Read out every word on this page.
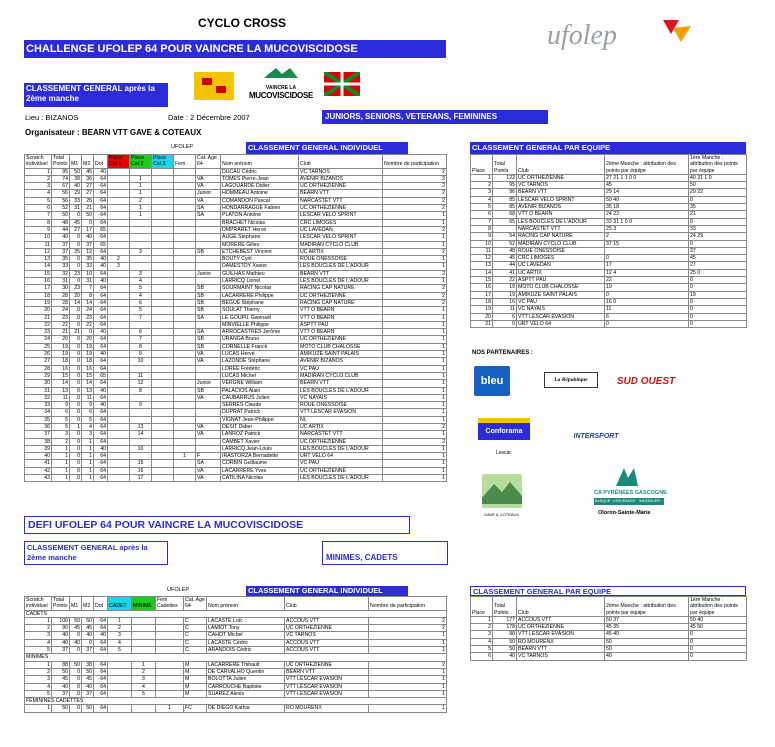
CYCLO CROSS	ufolep
CHALLENGE UFOLEP 64 POUR VAINCRE LA MUCOVISCIDOSE
CLASSEMENT GENERAL après la 2ème manche
VAINCRE LA
MUCOVISCIDOSE
Lieu : BIZANOS	Date : 2 Décembre 2007	JUNIORS, SENIORS, VETERANS, FEMININES
Organisateur : BEARN VTT GAVE & COTEAUX
UFOLEP	CLASSEMENT GENERAL INDIVIDUEL
Scratch individuel	Total Points	M1	M2	Dot	Place Cat 1	Place Cat 2	Place Cat 3	Fem.	Cat. Age 64	Nom prénom	Club	Nombre de participation
1	95	50	45	40						DUCAU Cédric	VC TARNOS	2
2	74	38	36	64		1			VA	TOMES Pierre-Jean	AVENIR BIZANOS	2
3	67	40	27	64		1			VA	LAGOUARDE Didier	UC ORTHEZIENNE	2
4	56	29	27	64		1			Junior	HOMMEAU Antoine	BEARN VTT	2
5	56	33	25	64		2			VA	COMANDON Pascal	NARCASTET VTT	2
6	52	31	21	64		1			SA	HONDARRAGUE Fabien	UC ORTHEZIENNE	2
7	50	0	50	64		1			SA	PLATON Antoine	LESCAR VELO SPRINT	1
8	48	45	0	64						BRACHET Nicolas	CRC LIMOGES	1
9	44	27	17	65						DMPRARET Hervé	UC LAVEDAN	2
10	40	0	40	64						AUGE Stéphane	LESCAR VELO SPRINT	1
11	37	0	37	65						MORERE Gilles	MADIRAN CYCLO CLUB	1
12	37	25	12	64		3			SB	ETCHEBEST Vincent	UC ARTIX	2
13	35	0	35	40	2					BOUTY Cyril	ROUE ONESSOISE	1
14	33	0	33	40	3					DAMESTOY Xavier	LES BOUCLES DE L'ADOUR	1
15	32	23	10	64		3			Junior	GUILHAS Mathieu	BEARN VTT	2
16	31	0	31	40		4				LARRICQ Lionel	LES BOUCLES DE L'ADOUR	1
17	30	23	7	64		5			SB	SOURMAINT Nicolas	RACING CAP NATURE	2
18	28	20	8	64		4			SB	LACARRERE Philippe	UC ORTHEZIENNE	2
19	28	14	14	64		6			SB	BEGUE Stéphane	RACING CAP NATURE	2
20	24	0	24	64		5			SB	SOULAT Thierry	VTT O BEARN	1
21	23	0	23	64		7			SA	LE GOUPIL Gwenaël	VTT O BEARN	1
22	22	0	22	64						MINVIELLE Philippe	ASPTT PAU	1
23	21	21	0	40		6			SA	ARROCASTRES Jérôme	VTT O BEARN	1
24	20	0	20	64		7			SB	URANGA Bruno	UC ORTHEZIENNE	1
25	19	0	19	64		8			SB	CORNELLE Franck	MOTO CLUB CHALOSSE	1
26	19	0	19	40		9			VA	LUCAS Hervé	AMIKUZE SAINT PALAIS	1
27	18	0	18	64		10			VA	LAZONDE Stéphane	AVENIR BIZANOS	1
28	16	0	16	64						LOREE Frédéric	VC PAU	1
29	15	0	15	65		11				LUCAS Michel	MADIRAN CYCLO CLUB	1
30	14	0	14	64		12			Junior	VERGNE William	BEARN VTT	1
31	13	0	13	40		8			SB	PALACIOS Alain	LES BOUCLES DE L'ADOUR	1
32	11	0	11	64					VA	CAUBARRUS Julien	VC NAYAIS	1
33	9	0	9	40		9				SERRES Claude	ROUE ONESSOISE	1
34	6	0	6	64						DUPRAT Patrick	VTT LESCAR EVASION	1
35	5	0	5	64						VIGNAT Jean-Philippe	NL	1
36	5	1	4	64		13			VA	DESIT Didier	UC ARTIX	2
37	3	0	3	64		14			VA	LANROZ Patrick	NARCASTET VTT	1
38	2	0	1	64						CAMBET Xavier	UC ORTHEZIENNE	2
39	1	0	1	40		10				LARRICQ Jean-Louis	LES BOUCLES DE L'ADOUR	1
40	1	0	1	64				1	F	IRASTORZA Bernadette	URT VELO 64	1
41	1	0	1	64		15			SA	CORBIN Guillaume	VC PAU	1
42	1	0	1	64		16			VA	LACARRERE Yves	UC ORTHEZIENNE	1
43	1	0	1	64		17			VA	CATILINA Nicolas	LES BOUCLES DE L'ADOUR	1
CLASSEMENT GENERAL PAR EQUIPE
Place	Total Points	Club	2ème Manche : attribution des points par équipe	1ère Manche : attribution des points par équipe
1	122	UC ORTHEZIENNE	27 21 1 1 0 0	40 31 1 0
2	95	VC TARNOS	45	50
3	96	BEARN VTT	29 14	29 22
4	85	LESCAR VELO SPRINT	50 40	0
5	85	AVENIR BIZANOS	35 18	35
6	68	VTT O BEARN	24 23	21
7	65	LES BOUCLES DE L'ADOUR	33 31 1 0 0	0
8		NARCASTET VTT	25 3	33
9	54	RACING CAP NATURE	2	24 29
10	52	MADIRAN CYCLO CLUB	37 15	0
11	48	ROUE ONESSOISE		37
12	45	CRC LIMOGES	0	45
13	44	UC LAVEDAN	17	27
14	41	UC ARTIX	12 4	25 0
15	22	ASPTT PAU	22	0
16	19	MOTO CLUB CHALOSSE	19	0
17	19	AMIKUZE SAINT PALAIS	0	19
18	16	VC PAU	16 0	0
19	11	VC NAYAIS	11	0
20	6	VTT LESCAR EVASION	6	0
21	0	URT VELO 64	0	0
NOS PARTENAIRES :
bleu	La République	SUD OUEST
Conforama
Lescar
INTERSPORT
GAVE & COTEAUX
CA PYRÉNÉES GASCOGNE
BANQUE · ASSURANCE · IMMOBILIER
Oloron-Sainte-Marie
DEFI UFOLEP 64 POUR VAINCRE LA MUCOVISCIDOSE
CLASSEMENT GENERAL après la 2ème manche	MINIMES, CADETS
UFOLEP	CLASSEMENT GENERAL INDIVIDUEL
Scratch individuel	Total Points	M1	M2	Dot	CADET	MINIME	Fem Cadettes	Cat. Age 64	Nom prénom	Club	Nombre de participation
CADETS											
1	100	50	50	64	1			C	LACASTE Loïc	ACCOUS VTT	2
2	90	45	45	64	2			C	LAMIOT Tony	UC ORTHEZIENNE	2
3	40	0	40	40	3			C	CAHOT Michel	VC TARNOS	1
4	40	40	0	64	4			C	LACASTE Cédric	ACCOUS VTT	1
5	37	0	37	64	5			C	ARANDOIS Cédric	ACCOUS VTT	1
MINIMES											
1	88	50	38	64		1		M	LACARRERE Thibault	UC ORTHEZIENNE	2
2	50	0	50	64		2		M	DE CARVALHO Quentin	BEARN VTT	1
3	45	0	45	64		3		M	BOLOTTA Julien	VTT LESCAR EVASION	1
4	40	0	40	64		4		M	CARROUCHE Baptiste	VTT LESCAR EVASION	1
5	37	0	37	64		5		M	SUAREZ Alexis	VTT LESCAR EVASION	1
FEMININES CADETTES											
1	50	0	50	64			1	FC	DE DIEGO Kathia	RO MOURENX	1
CLASSEMENT GENERAL PAR EQUIPE
Place	Total Points	Club	2ème Manche : attribution des points par équipe	1ère Manche : attribution des points par équipe
1	177	ACCOUS VTT	50 37	50 40
2	178	UC ORTHEZIENNE	45 35	45 50
3	88	VTT LESCAR EVASION	45 40	0
4	50	RO MOURENX	50	0
5	50	BEARN VTT	50	0
6	40	VC TARNOS	40	0
